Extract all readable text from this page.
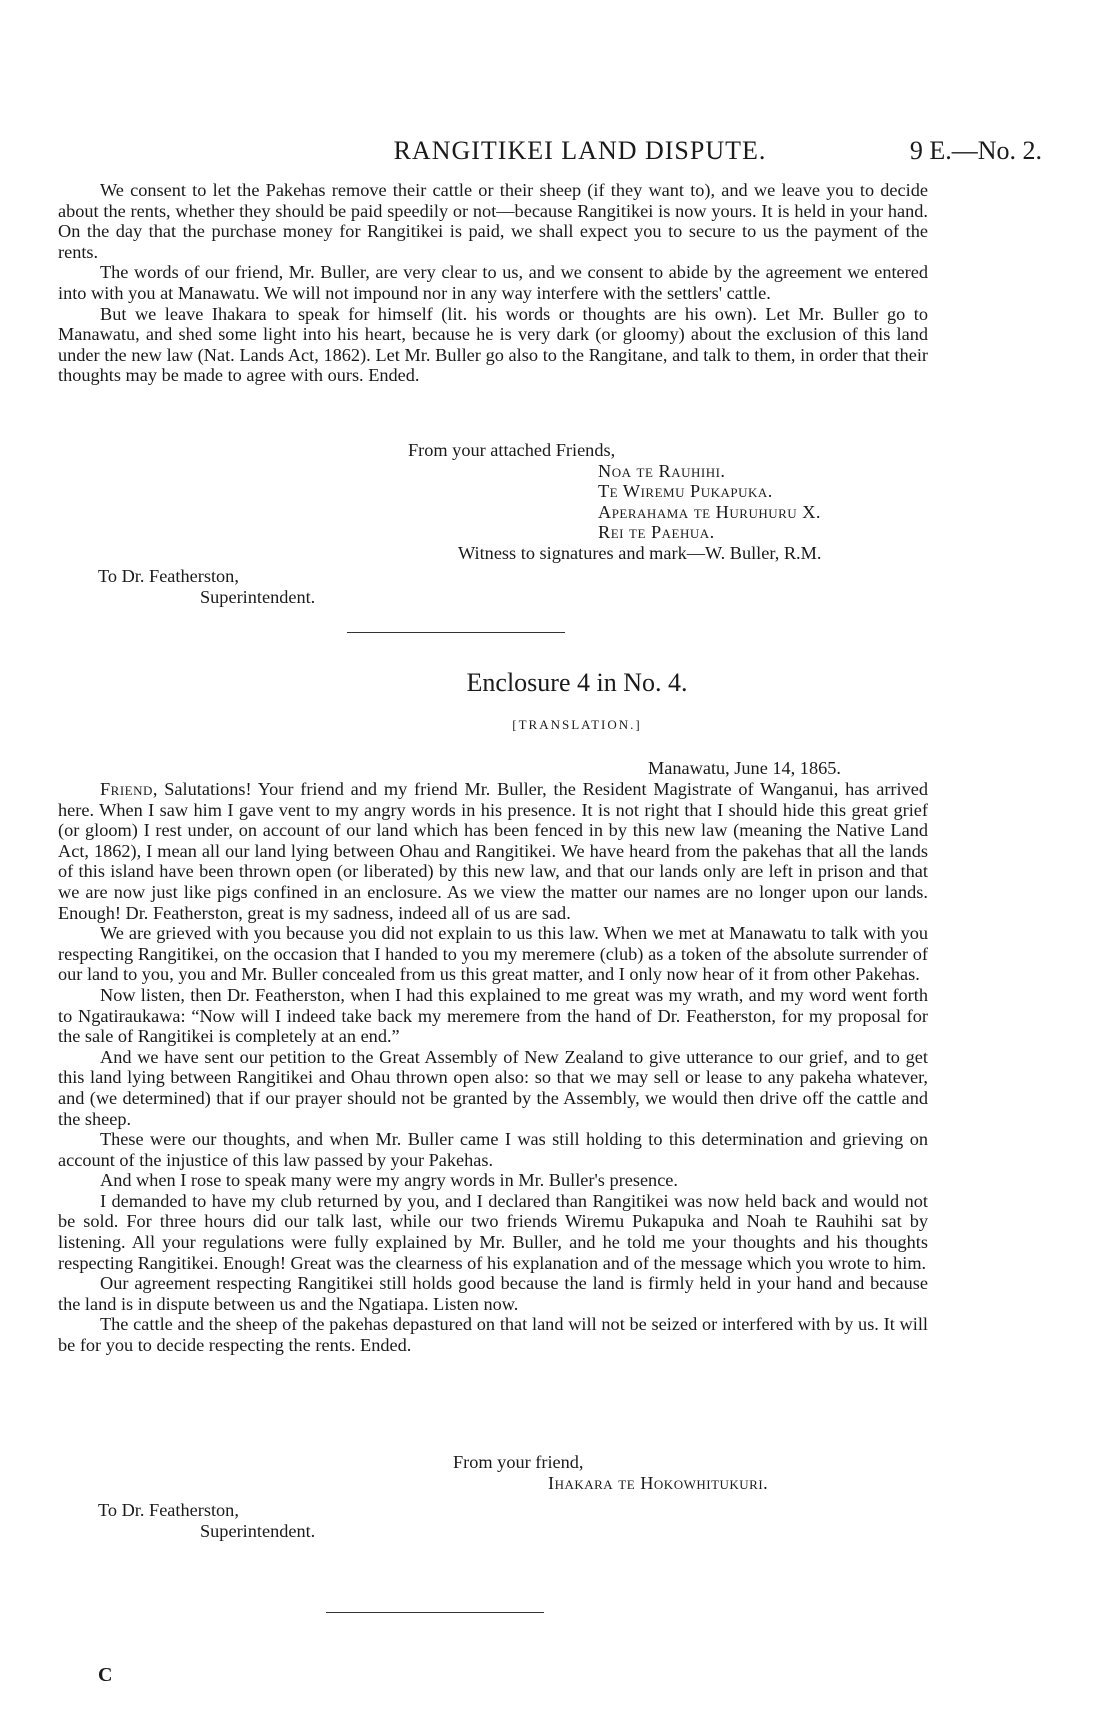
RANGITIKEI LAND DISPUTE.	9 E.—No. 2.

We consent to let the Pakehas remove their cattle or their sheep (if they want to), and we leave you to decide about the rents, whether they should be paid speedily or not—because Rangitikei is now yours. It is held in your hand. On the day that the purchase money for Rangitikei is paid, we shall expect you to secure to us the payment of the rents.

The words of our friend, Mr. Buller, are very clear to us, and we consent to abide by the agreement we entered into with you at Manawatu. We will not impound nor in any way interfere with the settlers' cattle.

But we leave Ihakara to speak for himself (lit. his words or thoughts are his own). Let Mr. Buller go to Manawatu, and shed some light into his heart, because he is very dark (or gloomy) about the exclusion of this land under the new law (Nat. Lands Act, 1862). Let Mr. Buller go also to the Rangitane, and talk to them, in order that their thoughts may be made to agree with ours. Ended.

From your attached Friends,
Noa te Rauhihi.
Te Wiremu Pukapuka.
Aperahama te Huruhuru X.
Rei te Paehua.
Witness to signatures and mark—W. Buller, R.M.
To Dr. Featherston,
Superintendent.
Enclosure 4 in No. 4.
[TRANSLATION.]
Manawatu, June 14, 1865.

Friend, Salutations! Your friend and my friend Mr. Buller, the Resident Magistrate of Wanganui, has arrived here. When I saw him I gave vent to my angry words in his presence. It is not right that I should hide this great grief (or gloom) I rest under, on account of our land which has been fenced in by this new law (meaning the Native Land Act, 1862), I mean all our land lying between Ohau and Rangitikei. We have heard from the pakehas that all the lands of this island have been thrown open (or liberated) by this new law, and that our lands only are left in prison and that we are now just like pigs confined in an enclosure. As we view the matter our names are no longer upon our lands. Enough! Dr. Featherston, great is my sadness, indeed all of us are sad.

We are grieved with you because you did not explain to us this law. When we met at Manawatu to talk with you respecting Rangitikei, on the occasion that I handed to you my meremere (club) as a token of the absolute surrender of our land to you, you and Mr. Buller concealed from us this great matter, and I only now hear of it from other Pakehas.

Now listen, then Dr. Featherston, when I had this explained to me great was my wrath, and my word went forth to Ngatiraukawa: “Now will I indeed take back my meremere from the hand of Dr. Featherston, for my proposal for the sale of Rangitikei is completely at an end.”

And we have sent our petition to the Great Assembly of New Zealand to give utterance to our grief, and to get this land lying between Rangitikei and Ohau thrown open also: so that we may sell or lease to any pakeha whatever, and (we determined) that if our prayer should not be granted by the Assembly, we would then drive off the cattle and the sheep.

These were our thoughts, and when Mr. Buller came I was still holding to this determination and grieving on account of the injustice of this law passed by your Pakehas.

And when I rose to speak many were my angry words in Mr. Buller's presence.

I demanded to have my club returned by you, and I declared than Rangitikei was now held back and would not be sold. For three hours did our talk last, while our two friends Wiremu Pukapuka and Noah te Rauhihi sat by listening. All your regulations were fully explained by Mr. Buller, and he told me your thoughts and his thoughts respecting Rangitikei. Enough! Great was the clearness of his explanation and of the message which you wrote to him.

Our agreement respecting Rangitikei still holds good because the land is firmly held in your hand and because the land is in dispute between us and the Ngatiapa. Listen now.

The cattle and the sheep of the pakehas depastured on that land will not be seized or interfered with by us. It will be for you to decide respecting the rents. Ended.

From your friend,
Ihakara te Hokowhitukuri.
To Dr. Featherston,
Superintendent.
C
